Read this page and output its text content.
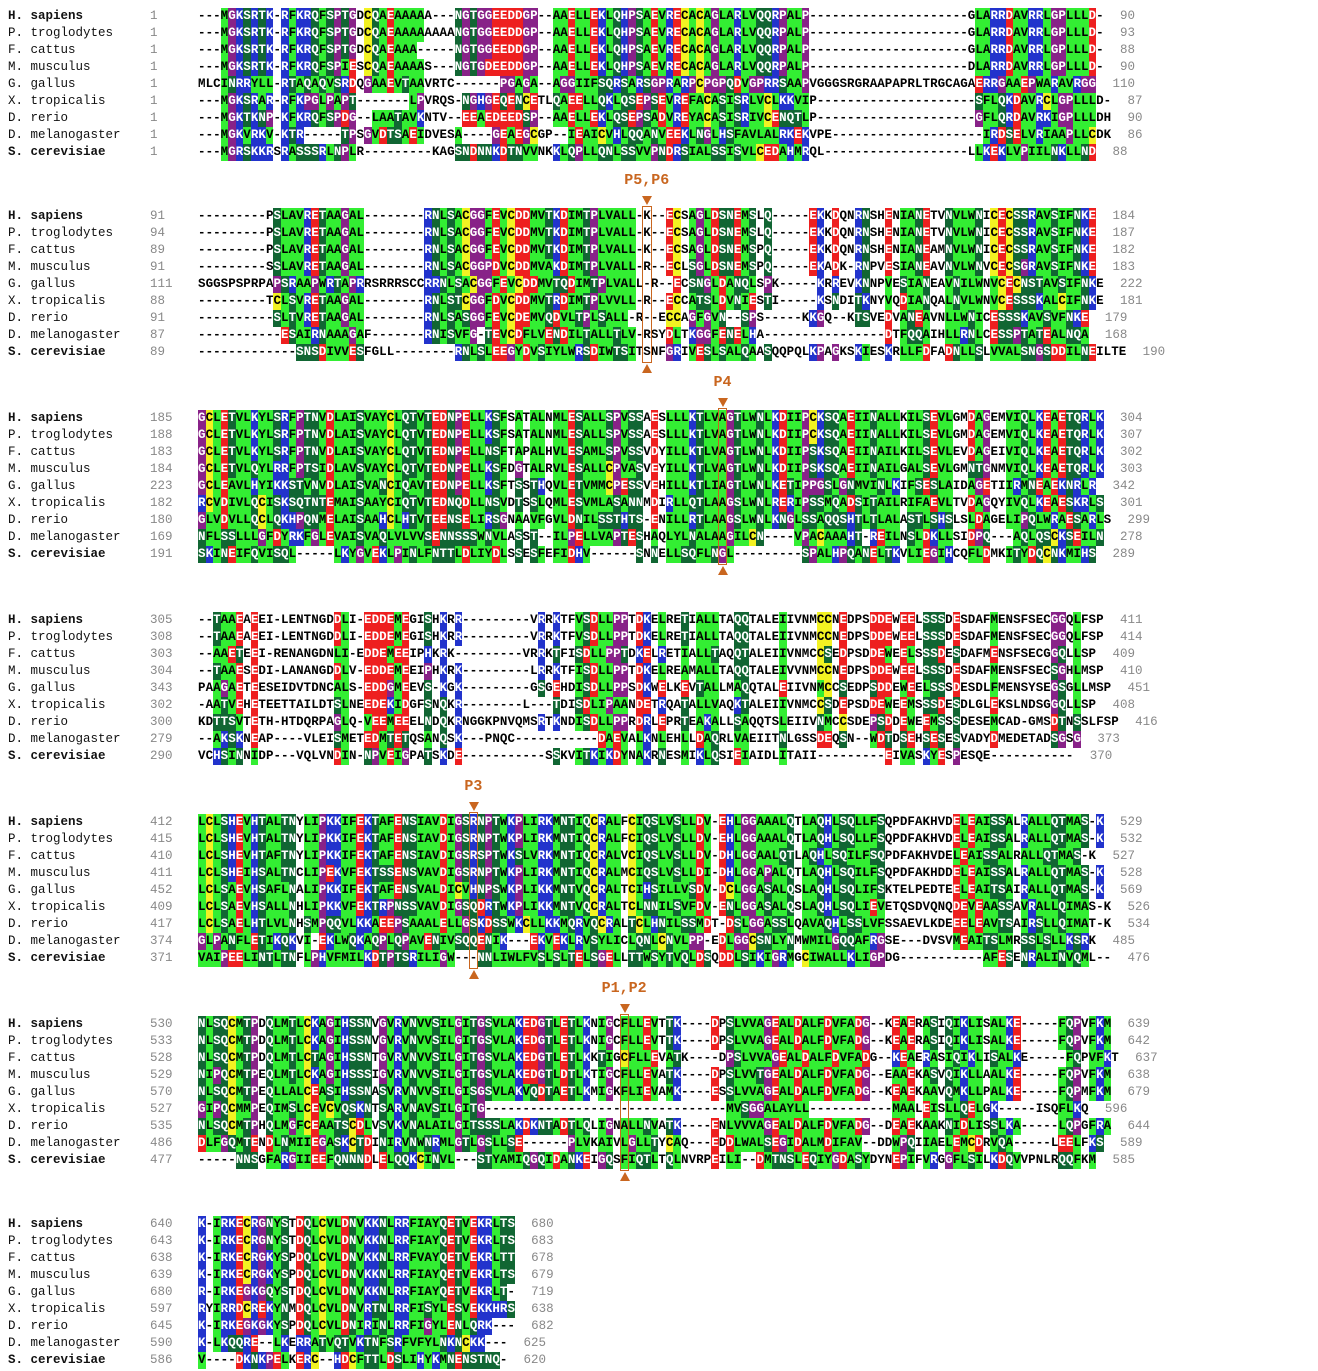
H. sapiens	1	---MGKSRTK-RFKRQFSPTGDCQAEAAAAA---NGTGGEEDDGP--AAELLEKLQHPSAEVRECACAGLARLVQQRPALP---------------------GLARRDAVRRLGPLLLD- 90
P. troglodytes	1	---MGKSRTK-RFKRQFSPTGDCQAEAAAAAAAANGTGGEEDDGP--AAELLEKLQHPSAEVRECACAGLARLVQQRPALP---------------------GLARRDAVRRLGPLLLD- 93
F. cattus	1	---MGKSRTK-RFKRQFSPTGDCQAEAAA-----NGTGGEEDDGP--AAELLEKLQHPSAEVRECACAGLARLVQQRPALP---------------------GLARRDAVRRLGPLLLD- 88
M. musculus	1	---MGKSRTK-RFKRQFSPIESCQAEAAAAS---NGTGDEEDDGP--AAELLEKLQHPSAEVRECACAGLARLVQQRPALP---------------------DLARRDAVRRLGPLLLD- 90
G. gallus	1	MLCINRRYLL-RTAQAQVSRDQGAAEVTAAVRTC------PGAGA--AGGIIFSQRSARSGPRARPCPGPQDVGPRRSAAPVGGGSRGRAAPAPRLTRGCAGAERRGAAEPWARAVRGG 110
X. tropicalis	1	---MGKSRAR-RFKPGLPAPT-------LPVRQS-NGHGEQENCETLQAEELLQKLQSEPSEVREFACASISRLVCLKKVIP---------------------SFLQKDAVRCLGPLLLD- 87
D. rerio	1	---MGKTKNP-KFKRQFSPDG--LAATAVKNTV--EEAEDEEDSP--AAELLEKLQSEPSADVREYACASISRIVCENQTLP---------------------GFLQRDAVRKIGPLLLDH 90
D. melanogaster 1	---MGKVRKV-KTR-----TPSGVDTSAEIDVESA----GEAEGCGP--IEAICVHLQQANVEEKLNGLHSFAVLALRKEKVPE--------------------IRDSELVRIAAPLLCDK 86
S. cerevisiae	1	---MGRSKKRSRASSSRLNPLR---------KAGSNDNNKDTNVVNKKLQPLLQNLSSVVPNDRSIALSSISVLCEDAHMRQL-------------------LLKEKLVPIILNKLLND 88
H. sapiens	91	---------PSLAVRETAAGAL--------RNLSACGGFEVCDDMVTKDIMTPLVALL-K--ECSAGLDSNEMSLQ-----EKKDQNRNSHENIANETVNVLWNICECSSRAVSIFNKE 184
P. troglodytes	94	---------PSLAVRETAAGAL--------RNLSACGGFEVCDDMVTKDIMTPLVALL-K--ECSAGLDSNEMSLQ-----EKKDQNRNSHENIANETVNVLWNICECSSRAVSIFNKE 187
F. cattus	89	---------PSLAVRETAAGAL--------RNLSACGGFEVCDDMVTKDIMTPLVALL-K--ECSAGLDSNEMSPQ-----EKKDQNRNSHENIANEAMNVLWNICECSSRAVSIFNKE 182
M. musculus	91	---------SSLAVRETAAGAL--------RNLSACGGPDVCDDMVAKDIMTPLVALL-R--ECLSGLDSNEMSPQ-----EKADK-RNPVESIANEAVNVLWNVCECSGRAVSIFNKE 183
G. gallus	111 SGGSPSPRPAPSRAAPWRTAPRRSRRRSCCRRNLSACGGFEVCDDMVTQDIMTPLVALL-R--ECSNGLDANQLSPK-----KRREVKNNPVESIANEAVNILWNVCECNSTAVSIFNKE 222
X. tropicalis	88	---------TCLSVRETAAGAL--------RNLSTCGGFDVCDDMVTRDIMTPLVVLL-R--ECCATSLDVNIESTI-----KSNDITKNYVQDIANQALNVLWNVCESSSKALCIFNKE 181
D. rerio	91	----------SLTVRETAAGAL--------RNLSASGGFEVCDEMVQDVLTPLSALL-R--ECCAGFGVN--SPS-----KKGQ--KTSVEDVANEAVNLLWNICESSSKAVSVFNKE 179
D. melanogaster 87	-----------ESAIRNAAAGAF-------RNISVFG-TEVCDFLVENDILTALLTLV-RSYDLTKGGFENELHA----------------DTFQQAIHLLRNLCESSPTATEALNQA 168
S. cerevisiae	89	-------------SNSDIVVESFGLL--------RNLSLEEGYDVSIYLWRSDIWTSITSNFGRIVESLSALQAASQQPQLKPAGKSKIESKRLLFDFADNLLSLVVALSNGSDDILNEILTE 190
H. sapiens	185 GCLETVLKYLSRFPTNVDLAISVAYCLQTVTEDNPELLKSFSATALNMLESALLSPVSSAESLLLKTLVAGTLWNLKDIIPCKSQAEIINALLKILSEVLGMDAGEMVIQLKEAETQRLK 304
P. troglodytes	188 GCLETVLKYLSRFPTNVDLAISVAYCLQTVTEDNPELLKSFSATALNMLESALLSPVSSAESLLLKTLVAGTLWNLKDIIPCKSQAEIINALLKILSEVLGMDAGEMVIQLKEAETQRLK 307
F. cattus	183 GCLETVLKYLSRFPTNVDLAISVAYCLQTVTEDNPELLNSFTAPALHVLESAMLSPVSSVDYILLKTLVAGTLWNLKDIIPSKSQAEIINAILKILSEVLEVDAGEIVIQLKEAETQRLK 302
M. musculus	184 GCLETVLQYLRRFPTSIDLAVSVAYCLQTVTEDNPELLKSFDGTALRVLESALLCPVASVEYILLKTLVAGTLWNLKDIIPSKSQAEIINAILGALSEVLGMNTGNMVIQLKEAETQRLK 303
G. gallus	223 GCLEAVLHYIKKSTVNVDLAISVANCIQAVTEDNPELLKSFTSSTHQVLETVMMCPESSVEHILLKTLIAGTLWNLKETIPPGSLGNMVINLKIFSESLAIDAGETIIRMNEAEKNRLR 342
X. tropicalis	182 RCVDIVLQCISKSQTNTEMAISAAYCIQTVTEDNQDLLNSVDTSSLQMLESVMLASANNMDIRLLQTLAAGSLWNLRERIPSSMQADSITAILRIFAEVLTVDAGQYIVQLKEAESKRLS 301
D. rerio	180 GLVDVLLQCLQKHPQNMELAISAAHCLHTVTEENSELIRSGNAAVFGVLDNILSSTHTS-ENILLRTLAAGSLWNLKNGLSSAQQSHTLTLALASTLSHSLSLDAGELIPQLWRAESARLS 299
D. melanogaster 169 NFLSSLLLGFDYRKFGLEVAISVAQLVLVVSENNSSSWNVLASST--ILPELLVAPTESHAQLYLNALAAGILCN----VPACAAAHT-REILNSLDKLLSIDPQ---AQLQSCKSEILN 278
S. cerevisiae	191 SKINEIFQVISQL-----LKYGVEKLPINLFNTTLDLIYDLSSESFEFIDHV------SNNELLSQFLNGL---------SPALHPQANELTKVLIEGIHCQFLDMKITYDQCNKMIHS 289
H. sapiens	305 --TAAEAEEI-LENTNGDDLI-EDDEMEGISHKRR---------VRRKTFVSDLLPPTDKELRETIALLTAQQTALEIIVNMCCNEDPSDDEWEELSSSDESDAFMENSFSECGGQLFSP 411
P. troglodytes	308 --TAAEAEEI-LENTNGDDLI-EDDEMEGISHKRR---------VRRKTFVSDLLPPTDKELRETIALLTAQQTALEIIVNMCCNEDPSDDEWEELSSSDESDAFMENSFSECGGQLFSP 414
F. cattus	303 --AAETEEI-RENANGDNLI-EDDEMEEIPHKRK---------VRRKTFISDLLPPTDKELRETIALLTAQQTALEIIVNMCCSEDPSDDEWEELSSSDESDAFMENSFSECGGQLLSP 409
M. musculus	304 --TAAESEDI-LANANGDDLV-EDDEMEEIPHKRK---------LRRKTFISDLLPPTDKELREAMALLTAQQTALEIVVNMCCNEDPSDDEWEELSSSDESDAFMENSFSECSGHLMSP 410
G. gallus	343 PAAGAETEESEIDVTDNCALS-EDDGMEEVS-KGK---------GSGEHDISDLLPPSDKWELKEVTALLMAQQTALEIIVNMCCSEDPSDDEWEELSSSDESDLFMENSYSEGSGLLMSP 451
X. tropicalis	302 -AATVEHETEETTAILDTSLNEEDEKIDGFSNQKR--------L---TDISDLIPAANDETRQATALLVAQKTALEIIVNMCCSDEPSDDEWEEMSSSDESDLGLEKSLNDSGGQLLSP 408
D. rerio	300 KDTTSVTETH-HTDQRPAGLQ-VEEMEEELNDQKRNGGKPNVQMSRTKNDISDLLPPRDRLEPRTEAKALLSAQQTSLEIIVNMCCSDEPSDDEWEEMSSSDESEMCAD-GMSDTNSSLFSP 416
D. melanogaster 279 --AKSKNEAP----VLEISMETEDMTETQSANQSK---PNQC-----------DAEVALKNLEHLLDAQRLVAEIITNLGSSDEQSN--WDTDSEHSESESVADYDMEDETADSGSG 373
S. cerevisiae	290 VCHSINNIDP---VQLVNDIN-NPVEIGPATSKDE-----------SSKVITKIKDYNAKRNESMIKLQSIEIAIDLITAII---------EIVASKYESPESQE----------- 370
H. sapiens	412 LCLSHEVHTALTNYLIPKKIFEKTAFENSIAVDIGSRNPTWKPLIRKMNTIQCRALFCIQSLVSLLDV-EHLGGAAALQTLAQHLSQLLFSQPDFAKHVDELEAISSALRALLQTMAS-K 529
P. troglodytes	415 LCLSHEVHTALTNYLIPKKIFEKTAFENSIAVDIGSRNPTWKPLIRKMNTIQCRALFCIQSLVSLLDV-EHLGGAAALQTLAQHLSQLLFSQPDFAKHVDELEAISSALRALLQTMAS-K 532
F. cattus	410 LCLSHEVHTAFTNYLIPKKIFEKTAFENSIAVDIGSRSPTWKSLVRKMNTIQCRALVCIQSLVSLLDV-DHLGGAALQTLAQHLSQILFSQPDFAKHVDELEAISSALRALLQTMAS-K 527
M. musculus	411 LCLSHEIHSALTNCLIPEKVFEKTSSENSVAVDIGSRNPTWKPLIRKMNTIQCRALMCIQSLVSLLDI-DHLGGAPALQTLAQHLSQILFSQPDFAKHDDELEAISSALRALLQTMAS-K 528
G. gallus	452 LCLSAEVHSAFLNALIPKKIFEKTAFENSVALDICVHNPSWKPLIKKMNTVQCRALTCIHSILLVSDV-DCLGGASALQSLAQHLSQLIFSKTELPEDTEELEAITSAIRALLQTMAS-K 569
X. tropicalis	409 LCLSAEVHSALLNHLIPKKVFEKTRPNSSVAVDIGSQDRTWKPLIKKMNTVQCRALTCLNNILSVFDV-ENLGGASALQSLAQHLSQLIEVETQSDVQNQDEVEAASSAVRALLQIMAS-K 526
D. rerio	417 LCLSAELHTLVLNHSMPQQVLKKAEEPSAAALELLGSKDSSWKCLLKKMQRVQCRALTCLHNILSSMDT-DSLGGASSLQAVAQHLSSLVFSSAEVLKDEEELEAVTSAIRSLLQIMAT-K 534
D. melanogaster 374 GLPANFLETIKQKVI-EKLWQKAQPLQPAVENIVSQQENIK---EKVEKLRVSYLICLQNLCNVLPP-EDLGGCSNLYNMWMILGQQAFRGSE---DVSVMEAITSLMRSSLSLLKSRK 485
S. cerevisiae	371 VAIPEELINTLTNFLPHVFMILKDTPTSRILIGW---NNLIWLFVSLSLTELSGELLTTWSYTVQLDSQDDLSIKIGRMGCIWALLKLIGPDG-----------AFESENRALINVQML-- 476
H. sapiens	530 NLSQCMTPDQLMTLCKAGIHSSNVGVRVNVVSILGITGSVLAKEDGTLETLKNIGCFLLEVTTK----DPSLVVAGEALDALFDVFADG--KEAERASIQIKLISALKE-----FQPVFKM 639
P. troglodytes	533 NLSQCMTPDQLMTLCKAGIHSSNVGVRVNVVSILGITGSVLAKEDGTLETLKNIGCFLLEVTTK----DPSLVVAGEALDALFDVFADG--KEAERASIQIKLISALKE-----FQPVFKM 642
F. cattus	528 NLSQCMTPDQLMTLCTAGIHSSNTGVRVNVVSILGITGSVLAKEDGTLETLKKTIGCFLLEVATK----DPSLVVAGEALDALFDVFADG--KEAERASIQIKLISALKE-----FQPVFKT 637
M. musculus	529 NIPQCMTPEQLMTLCKAGIHSSSIGVRVNVVSILGITGSVLAKEDGTLDTLKTIGCFLLEVATK----DPSLVVTGEALDALFDVFADG--EAAEKASVQIKLLAALKE-----FQPVFKM 638
G. gallus	570 NLSQCMTPEQLLALCEASIHSSNASVRVNVVSILGISGSVLAKVQDTAETLKMIGKFLIEVAMK----ESSLVVAGEALDALFDVFADG--KEAEKAAVQMKLLPALKE-----FQPMFKM 679
X. tropicalis	527 GIPQCMMPEQIMSLCEVCVQSKNTSARVNAVSILGITG--------------------------------MVSGGALAYLL-----------MAALEISLLQELGK-----ISQFLKQ 596
D. rerio	535 NLSQCMTPHQLMGFCEAATSCDLVSVKVNALAILGITSSSLAKDKNTADTLQLIGNALLNVATK----ENLVVVAGEALDALFDVFADG--DEAEKAAKNIDLISSLKA-----LQPGFRA 644
D. melanogaster 486 DLFGQMTENDLNMIIEGASKCTDINIRVNWNRMLGTLGSLLSE------PLVKAIVLGLLTYCAQ---EDDLWALSEGIDALMDIFAV--DDWPQIIAELEMCDRVQA-----LEELFKS 589
S. cerevisiae	477 -----NNSGFARGIIEEFQNNNDLELQQKCINVL---STYAMIQGQIDANKEIGQSFIQTLTQLNVRPEILI--DMTNSLEQIYGDASYDYNEPIFVRGGFLSILKDQVVPNLRQQFKM 585
H. sapiens	640 K-IRKECRGNYSTDQLCVLDNVKKNLRRFIAYQETVEKRLTS 680
P. troglodytes	643 K-IRKECRGNYSTDQLCVLDNVKKNLRRFIAYQETVEKRLTS 683
F. cattus	638 K-IRKECRGKYSPDQLCVLDNVKKNLRRFVAYQETVEKRLTT 678
M. musculus	639 K-IRKECRGKYSPDQLCVLDNVKKNLRRFIAYQETVEKRLTS 679
G. gallus	680 R-IRKEGKGQYSTDQLCVLDNVKKNLRRFIAYQETVEKRLT- 719
X. tropicalis	597 RYIRRDCREKYNMDQLCVLDNVRTNLRRFISYLESVEKKHRS 638
D. rerio	645 K-IRKEGKGKYSPDQLCVLDNIRINLRRFIGYLENLQRK--- 682
D. melanogaster 590 K-LKQQRE--LKERRATVQTVKTNFSRFVFYLNKNCKK--- 625
S. cerevisiae	586 V----DKNKPELKERC--HDCFTTLDSLIHYKMNENSTNQ- 620
P5,P6
P4
P3
P1,P2
